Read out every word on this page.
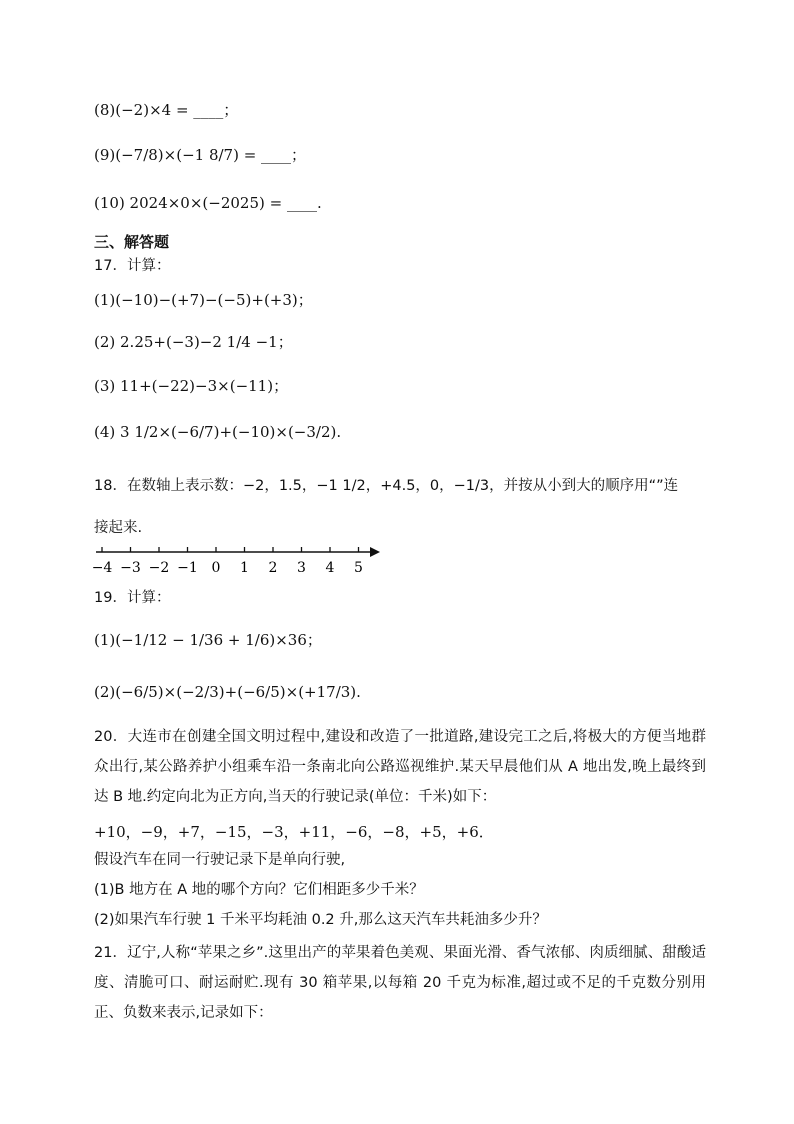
(8)(−2)×4 = ____；
(9)(−7/8)×(−1 8/7) = ____；
(10) 2024×0×(−2025) = ____.
三、解答题
17．计算：
(1)(−10)−(+7)−(−5)+(+3)；
(2) 2.25+(−3)−2 1/4 −1；
(3) 11+(−22)−3×(−11)；
(4) 3 1/2×(−6/7)+(−10)×(−3/2).
18．在数轴上表示数：−2，1.5，−1 1/2，+4.5，0，−1/3，并按从小到大的顺序用“”连
接起来.
−4 −3 −2 −1 0 1 2 3 4 5
19．计算：
(1)(−1/12 − 1/36 + 1/6)×36；
(2)(−6/5)×(−2/3)+(−6/5)×(+17/3).
20．大连市在创建全国文明过程中,建设和改造了一批道路,建设完工之后,将极大的方便当地群众出行,某公路养护小组乘车沿一条南北向公路巡视维护.某天早晨他们从 A 地出发,晚上最终到达 B 地.约定向北为正方向,当天的行驶记录(单位：千米)如下：
+10，−9，+7，−15，−3，+11，−6，−8，+5，+6．
假设汽车在同一行驶记录下是单向行驶,
(1)B 地方在 A 地的哪个方向？它们相距多少千米？
(2)如果汽车行驶 1 千米平均耗油 0.2 升,那么这天汽车共耗油多少升？
21．辽宁,人称“苹果之乡”.这里出产的苹果着色美观、果面光滑、香气浓郁、肉质细腻、甜酸适度、清脆可口、耐运耐贮.现有 30 箱苹果,以每箱 20 千克为标准,超过或不足的千克数分别用正、负数来表示,记录如下：
